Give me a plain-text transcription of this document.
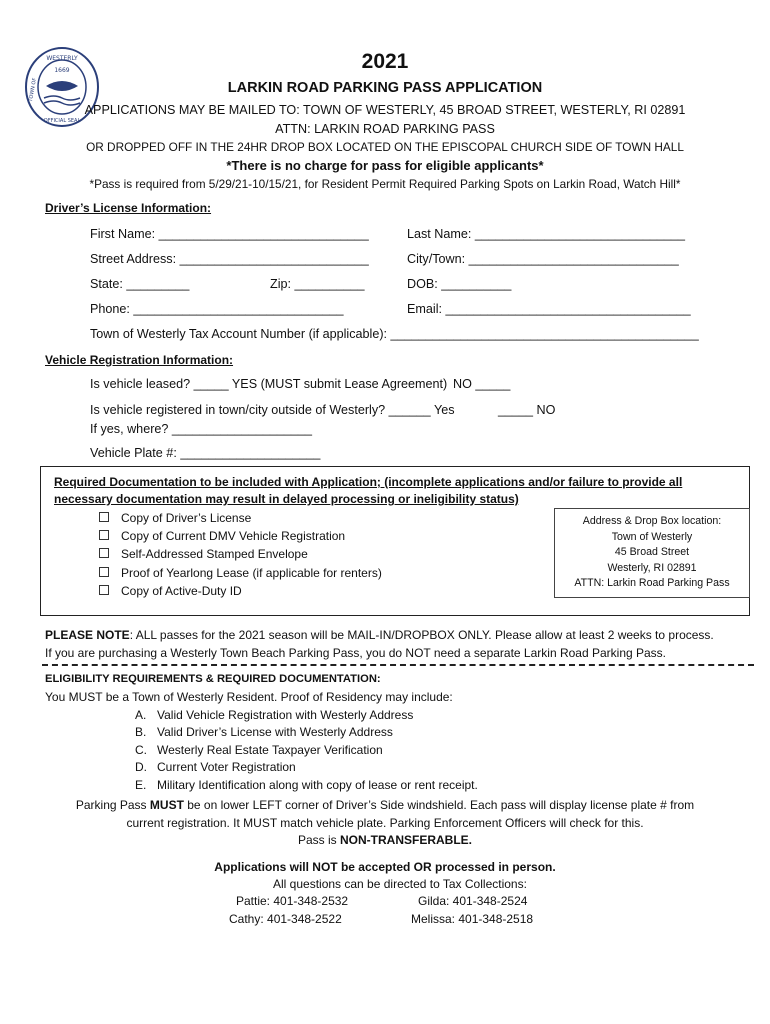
WESTERLY
TOWN OF
OFFICIAL SEAL
1669	2021
LARKIN ROAD PARKING PASS APPLICATION
APPLICATIONS MAY BE MAILED TO: TOWN OF WESTERLY, 45 BROAD STREET, WESTERLY, RI 02891
ATTN: LARKIN ROAD PARKING PASS
OR DROPPED OFF IN THE 24HR DROP BOX LOCATED ON THE EPISCOPAL CHURCH SIDE OF TOWN HALL
*There is no charge for pass for eligible applicants*
*Pass is required from 5/29/21-10/15/21, for Resident Permit Required Parking Spots on Larkin Road, Watch Hill*
Driver’s License Information:
First Name: ______________________________	Last Name: ______________________________
Street Address: ___________________________	City/Town: ______________________________
State: _________	Zip: __________	DOB: __________
Phone: ______________________________	Email: ___________________________________
Town of Westerly Tax Account Number (if applicable): ____________________________________________
Vehicle Registration Information:
Is vehicle leased? _____ YES (MUST submit Lease Agreement) NO _____
Is vehicle registered in town/city outside of Westerly? ______ Yes	_____ NO
If yes, where? ____________________
Vehicle Plate #: ____________________
Required Documentation to be included with Application; (incomplete applications and/or failure to provide all
necessary documentation may result in delayed processing or ineligibility status)
Copy of Driver’s License
Copy of Current DMV Vehicle Registration
Self-Addressed Stamped Envelope
Proof of Yearlong Lease (if applicable for renters)
Copy of Active-Duty ID
Address & Drop Box location:
Town of Westerly
45 Broad Street
Westerly, RI 02891
ATTN: Larkin Road Parking Pass
PLEASE NOTE: ALL passes for the 2021 season will be MAIL-IN/DROPBOX ONLY. Please allow at least 2 weeks to process.
If you are purchasing a Westerly Town Beach Parking Pass, you do NOT need a separate Larkin Road Parking Pass.
ELIGIBILITY REQUIREMENTS & REQUIRED DOCUMENTATION:
You MUST be a Town of Westerly Resident. Proof of Residency may include:
A. Valid Vehicle Registration with Westerly Address
B. Valid Driver’s License with Westerly Address
C. Westerly Real Estate Taxpayer Verification
D. Current Voter Registration
E. Military Identification along with copy of lease or rent receipt.
Parking Pass MUST be on lower LEFT corner of Driver’s Side windshield. Each pass will display license plate # from
current registration. It MUST match vehicle plate. Parking Enforcement Officers will check for this.
Pass is NON-TRANSFERABLE.
Applications will NOT be accepted OR processed in person.
All questions can be directed to Tax Collections:
Pattie: 401-348-2532	Gilda: 401-348-2524
Cathy: 401-348-2522	Melissa: 401-348-2518
